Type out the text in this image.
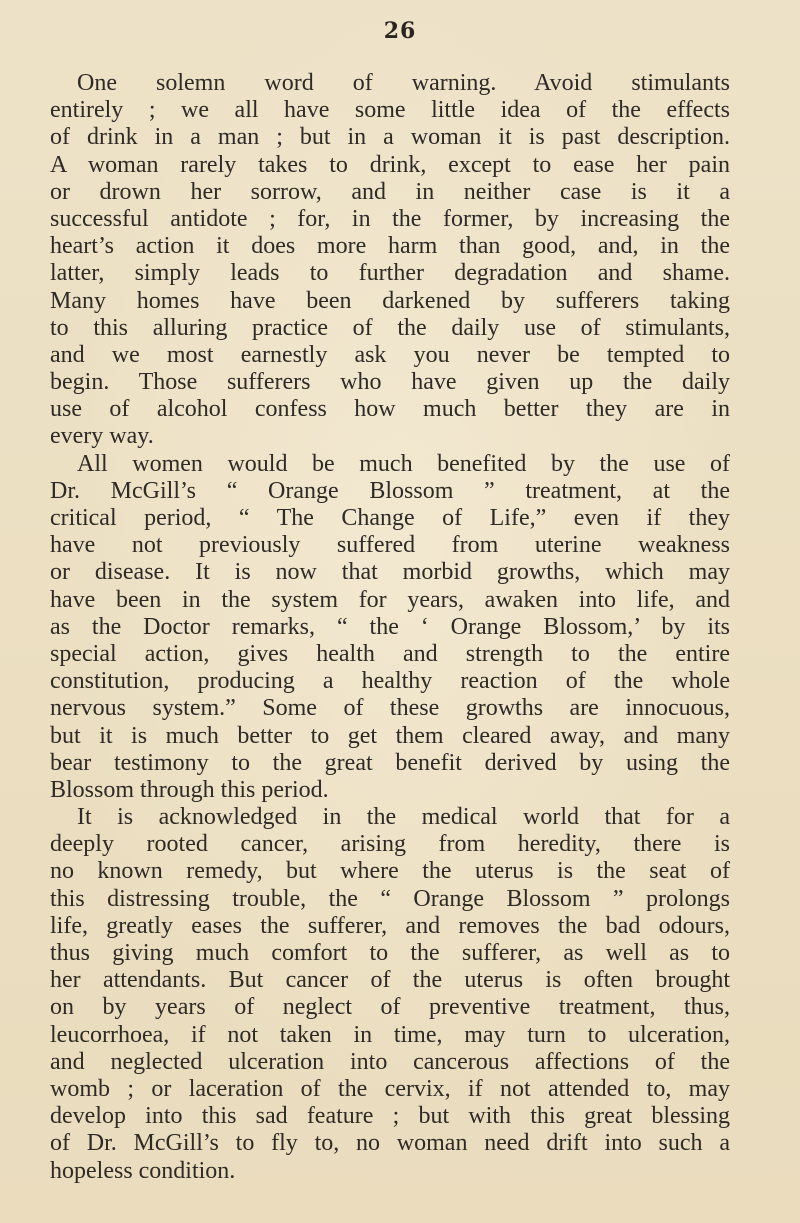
26
One solemn word of warning. Avoid stimulants
entirely ; we all have some little idea of the effects
of drink in a man ; but in a woman it is past description.
A woman rarely takes to drink, except to ease her pain
or drown her sorrow, and in neither case is it a
successful antidote ; for, in the former, by increasing the
heart’s action it does more harm than good, and, in the
latter, simply leads to further degradation and shame.
Many homes have been darkened by sufferers taking
to this alluring practice of the daily use of stimulants,
and we most earnestly ask you never be tempted to
begin. Those sufferers who have given up the daily
use of alcohol confess how much better they are in
every way.
All women would be much benefited by the use of
Dr. McGill’s “ Orange Blossom ” treatment, at the
critical period, “ The Change of Life,” even if they
have not previously suffered from uterine weakness
or disease. It is now that morbid growths, which may
have been in the system for years, awaken into life, and
as the Doctor remarks, “ the ‘ Orange Blossom,’ by its
special action, gives health and strength to the entire
constitution, producing a healthy reaction of the whole
nervous system.” Some of these growths are innocuous,
but it is much better to get them cleared away, and many
bear testimony to the great benefit derived by using the
Blossom through this period.
It is acknowledged in the medical world that for a
deeply rooted cancer, arising from heredity, there is
no known remedy, but where the uterus is the seat of
this distressing trouble, the “ Orange Blossom ” prolongs
life, greatly eases the sufferer, and removes the bad odours,
thus giving much comfort to the sufferer, as well as to
her attendants. But cancer of the uterus is often brought
on by years of neglect of preventive treatment, thus,
leucorrhoea, if not taken in time, may turn to ulceration,
and neglected ulceration into cancerous affections of the
womb ; or laceration of the cervix, if not attended to, may
develop into this sad feature ; but with this great blessing
of Dr. McGill’s to fly to, no woman need drift into such a
hopeless condition.
